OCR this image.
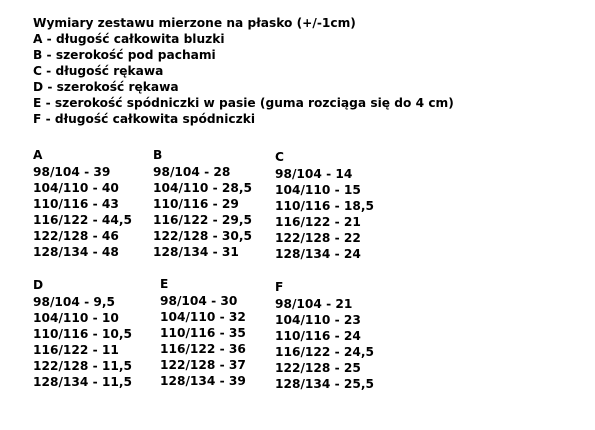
Wymiary zestawu mierzone na płasko (+/-1cm)
A - długość całkowita bluzki
B - szerokość pod pachami
C - długość rękawa
D - szerokość rękawa
E - szerokość spódniczki w pasie (guma rozciąga się do 4 cm)
F - długość całkowita spódniczki
A
98/104 - 39
104/110 - 40
110/116 - 43
116/122 - 44,5
122/128 - 46
128/134 - 48
B
98/104 - 28
104/110 - 28,5
110/116 - 29
116/122 - 29,5
122/128 - 30,5
128/134 - 31
C
98/104 - 14
104/110 - 15
110/116 - 18,5
116/122 - 21
122/128 - 22
128/134 - 24
D
98/104 - 9,5
104/110 - 10
110/116 - 10,5
116/122 - 11
122/128 - 11,5
128/134 - 11,5
E
98/104 - 30
104/110 - 32
110/116 - 35
116/122 - 36
122/128 - 37
128/134 - 39
F
98/104 - 21
104/110 - 23
110/116 - 24
116/122 - 24,5
122/128 - 25
128/134 - 25,5
